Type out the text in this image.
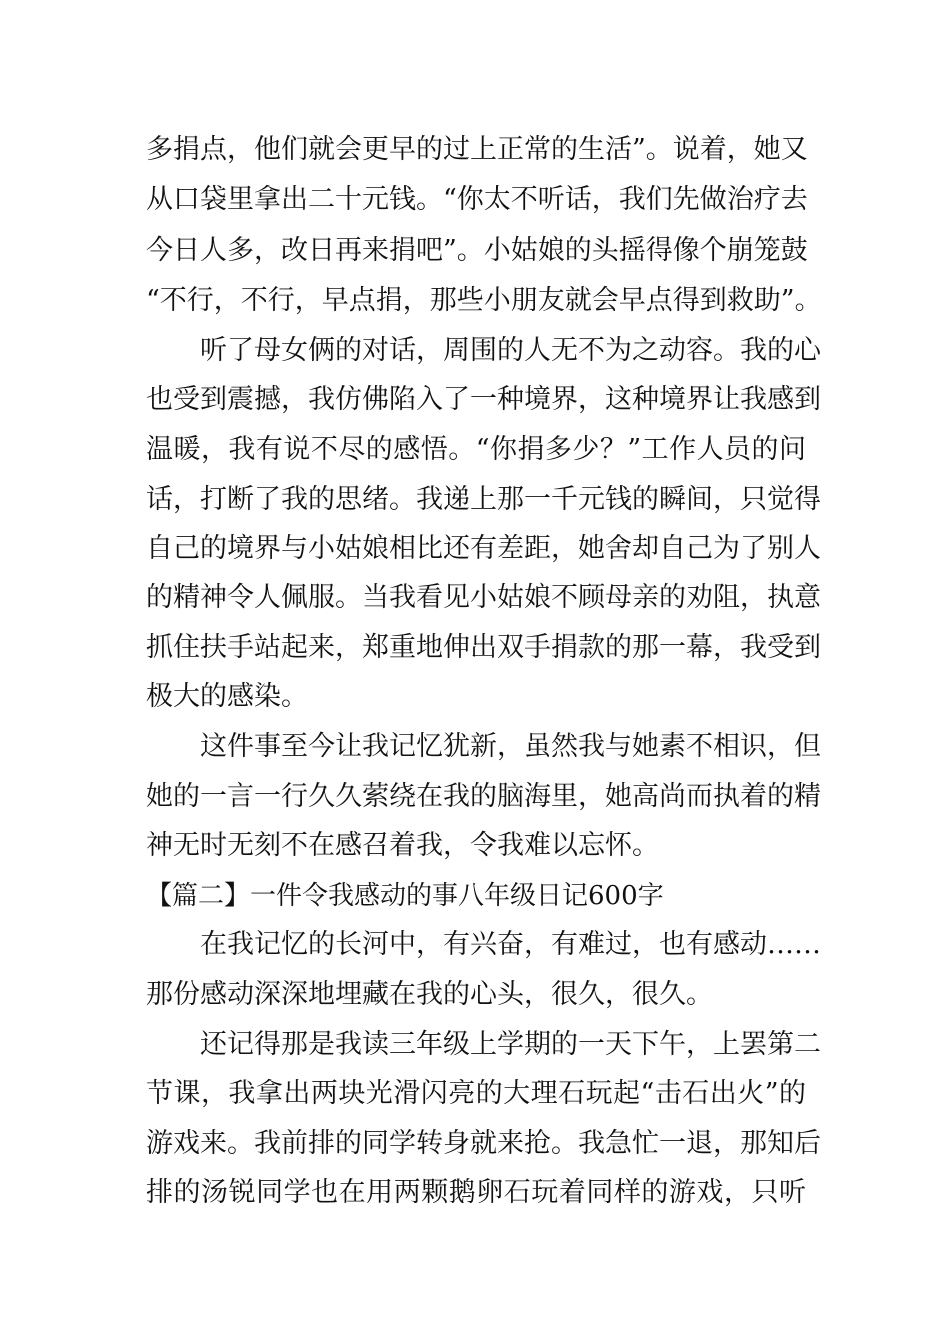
多捐点，他们就会更早的过上正常的生活”。说着，她又
从口袋里拿出二十元钱。“你太不听话，我们先做治疗去
今日人多，改日再来捐吧”。小姑娘的头摇得像个崩笼鼓
“不行，不行，早点捐，那些小朋友就会早点得到救助”。
听了母女俩的对话，周围的人无不为之动容。我的心
也受到震撼，我仿佛陷入了一种境界，这种境界让我感到
温暖，我有说不尽的感悟。“你捐多少？”工作人员的问
话，打断了我的思绪。我递上那一千元钱的瞬间，只觉得
自己的境界与小姑娘相比还有差距，她舍却自己为了别人
的精神令人佩服。当我看见小姑娘不顾母亲的劝阻，执意
抓住扶手站起来，郑重地伸出双手捐款的那一幕，我受到
极大的感染。
这件事至今让我记忆犹新，虽然我与她素不相识，但
她的一言一行久久萦绕在我的脑海里，她高尚而执着的精
神无时无刻不在感召着我，令我难以忘怀。
【篇二】一件令我感动的事八年级日记600字
在我记忆的长河中，有兴奋，有难过，也有感动……
那份感动深深地埋藏在我的心头，很久，很久。
还记得那是我读三年级上学期的一天下午，上罢第二
节课，我拿出两块光滑闪亮的大理石玩起“击石出火”的
游戏来。我前排的同学转身就来抢。我急忙一退，那知后
排的汤锐同学也在用两颗鹅卵石玩着同样的游戏，只听
